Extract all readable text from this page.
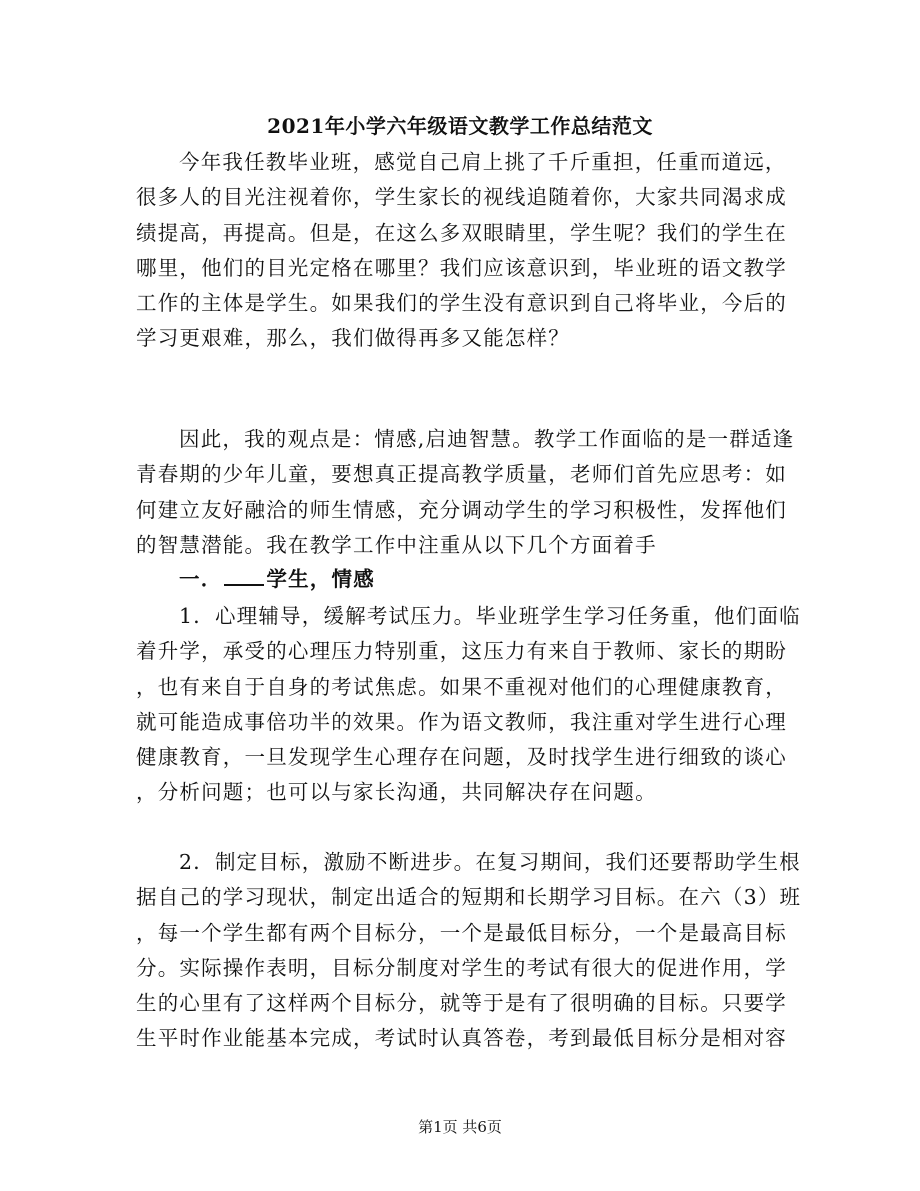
2021年小学六年级语文教学工作总结范文
今年我任教毕业班，感觉自己肩上挑了千斤重担，任重而道远，
很多人的目光注视着你，学生家长的视线追随着你，大家共同渴求成
绩提高，再提高。但是，在这么多双眼睛里，学生呢？我们的学生在
哪里，他们的目光定格在哪里？我们应该意识到，毕业班的语文教学
工作的主体是学生。如果我们的学生没有意识到自己将毕业，今后的
学习更艰难，那么，我们做得再多又能怎样？
因此，我的观点是：情感,启迪智慧。教学工作面临的是一群适逢
青春期的少年儿童，要想真正提高教学质量，老师们首先应思考：如
何建立友好融洽的师生情感，充分调动学生的学习积极性，发挥他们
的智慧潜能。我在教学工作中注重从以下几个方面着手
一． 学生，情感
1．心理辅导，缓解考试压力。毕业班学生学习任务重，他们面临
着升学，承受的心理压力特别重，这压力有来自于教师、家长的期盼
，也有来自于自身的考试焦虑。如果不重视对他们的心理健康教育，
就可能造成事倍功半的效果。作为语文教师，我注重对学生进行心理
健康教育，一旦发现学生心理存在问题，及时找学生进行细致的谈心
，分析问题；也可以与家长沟通，共同解决存在问题。
2．制定目标，激励不断进步。在复习期间，我们还要帮助学生根
据自己的学习现状，制定出适合的短期和长期学习目标。在六（3）班
，每一个学生都有两个目标分，一个是最低目标分，一个是最高目标
分。实际操作表明，目标分制度对学生的考试有很大的促进作用，学
生的心里有了这样两个目标分，就等于是有了很明确的目标。只要学
生平时作业能基本完成，考试时认真答卷，考到最低目标分是相对容
第1页 共6页
